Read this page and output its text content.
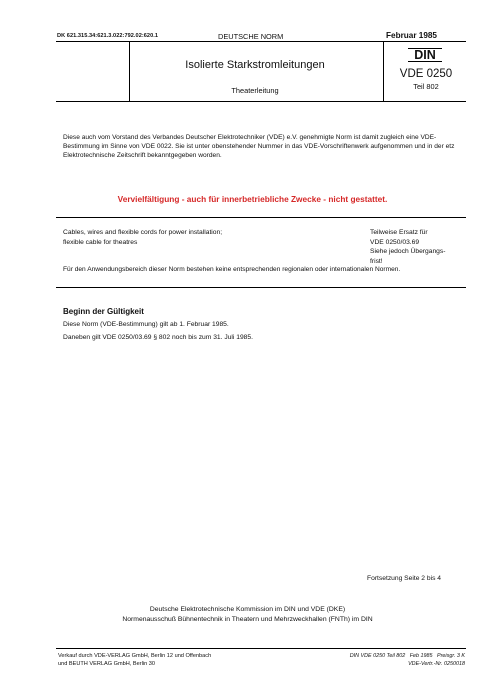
DK 621.315.34:621.3.022:792.02:620.1	DEUTSCHE NORM	Februar 1985
Isolierte Starkstromleitungen
Theaterleitung
DIN
VDE 0250
Teil 802
Diese auch vom Vorstand des Verbandes Deutscher Elektrotechniker (VDE) e.V. genehmigte Norm ist damit zugleich eine VDE-Bestimmung im Sinne von VDE 0022. Sie ist unter obenstehender Nummer in das VDE-Vorschriftenwerk aufgenommen und in der etz Elektrotechnische Zeitschrift bekanntgegeben worden.
Vervielfältigung - auch für innerbetriebliche Zwecke - nicht gestattet.
Cables, wires and flexible cords for power installation;
flexible cable for theatres
Teilweise Ersatz für
VDE 0250/03.69
Siehe jedoch Übergangs-
frist!
Für den Anwendungsbereich dieser Norm bestehen keine entsprechenden regionalen oder internationalen Normen.
Beginn der Gültigkeit
Diese Norm (VDE-Bestimmung) gilt ab 1. Februar 1985.
Daneben gilt VDE 0250/03.69 § 802 noch bis zum 31. Juli 1985.
Fortsetzung Seite 2 bis 4
Deutsche Elektrotechnische Kommission im DIN und VDE (DKE)
Normenausschuß Bühnentechnik in Theatern und Mehrzweckhallen (FNTh) im DIN
Verkauf durch VDE-VERLAG GmbH, Berlin 12 und Offenbach
und BEUTH VERLAG GmbH, Berlin 30
DIN VDE 0250 Teil 802   Feb 1985   Preisgr. 3 K
VDE-Vertr.-Nr. 0250018
